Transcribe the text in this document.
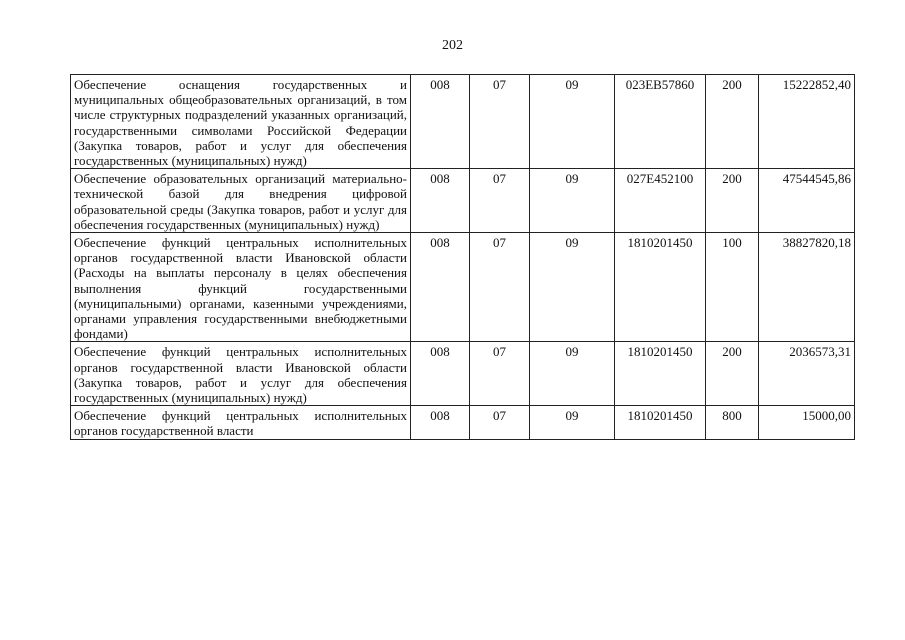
202
Обеспечение оснащения государственных и муниципальных общеобразовательных организаций, в том числе структурных подразделений указанных организаций, государственными символами Российской Федерации (Закупка товаров, работ и услуг для обеспечения государственных (муниципальных) нужд)	008	07	09	023ЕВ57860	200	15222852,40
Обеспечение образовательных организаций материально-технической базой для внедрения цифровой образовательной среды (Закупка товаров, работ и услуг для обеспечения государственных (муниципальных) нужд)	008	07	09	027Е452100	200	47544545,86
Обеспечение функций центральных исполнительных органов государственной власти Ивановской области (Расходы на выплаты персоналу в целях обеспечения выполнения функций государственными (муниципальными) органами, казенными учреждениями, органами управления государственными внебюджетными фондами)	008	07	09	1810201450	100	38827820,18
Обеспечение функций центральных исполнительных органов государственной власти Ивановской области (Закупка товаров, работ и услуг для обеспечения государственных (муниципальных) нужд)	008	07	09	1810201450	200	2036573,31
Обеспечение функций центральных исполнительных органов государственной власти	008	07	09	1810201450	800	15000,00
